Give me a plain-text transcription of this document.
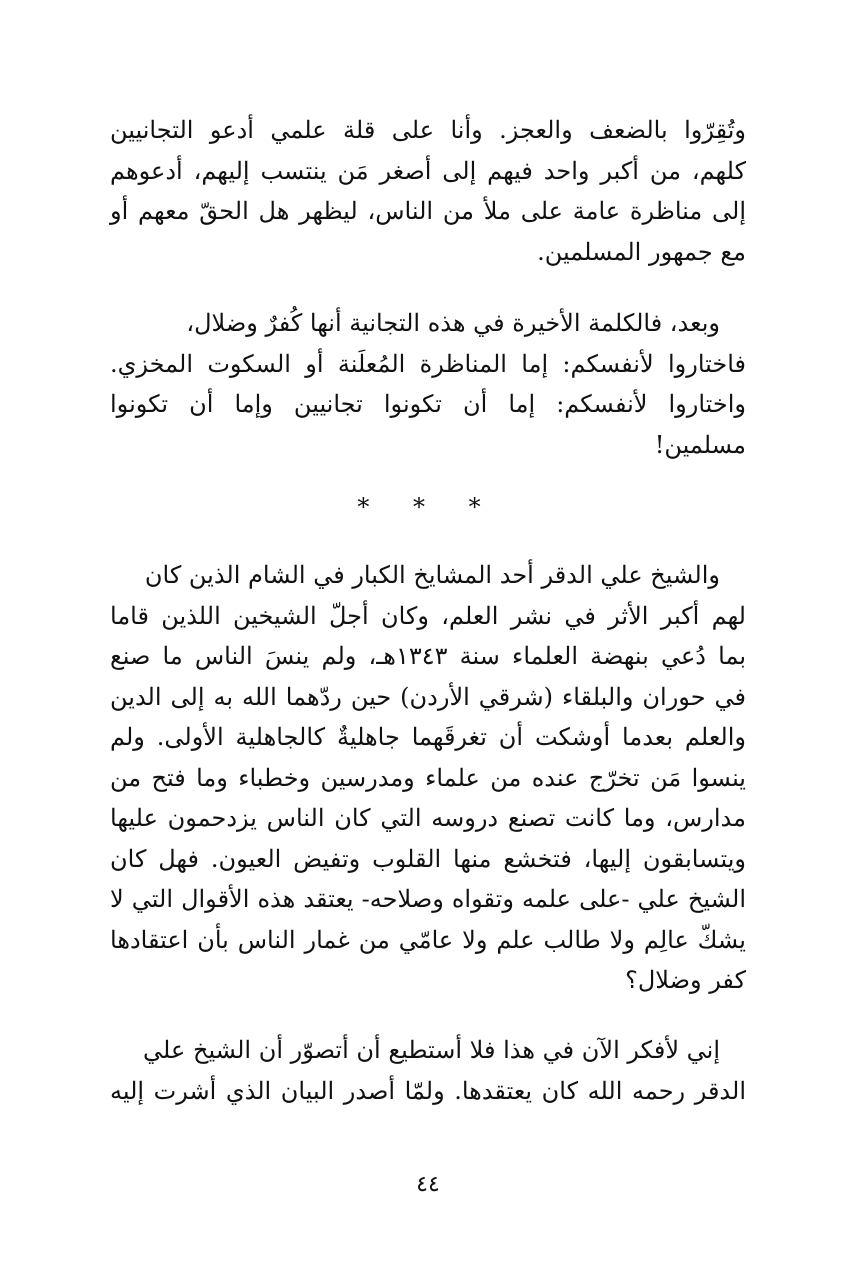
وتُقِرّوا بالضعف والعجز. وأنا على قلة علمي أدعو التجانيين
كلهم، من أكبر واحد فيهم إلى أصغر مَن ينتسب إليهم، أدعوهم
إلى مناظرة عامة على ملأ من الناس، ليظهر هل الحقّ معهم أو
مع جمهور المسلمين.

وبعد، فالكلمة الأخيرة في هذه التجانية أنها كُفرٌ وضلال،
فاختاروا لأنفسكم: إما المناظرة المُعلَنة أو السكوت المخزي.
واختاروا لأنفسكم: إما أن تكونوا تجانيين وإما أن تكونوا
مسلمين!

* * *

والشيخ علي الدقر أحد المشايخ الكبار في الشام الذين كان
لهم أكبر الأثر في نشر العلم، وكان أجلّ الشيخين اللذين قاما
بما دُعي بنهضة العلماء سنة ١٣٤٣هـ، ولم ينسَ الناس ما صنع
في حوران والبلقاء (شرقي الأردن) حين ردّهما الله به إلى الدين
والعلم بعدما أوشكت أن تغرقَهما جاهليةٌ كالجاهلية الأولى. ولم
ينسوا مَن تخرّج عنده من علماء ومدرسين وخطباء وما فتح من
مدارس، وما كانت تصنع دروسه التي كان الناس يزدحمون عليها
ويتسابقون إليها، فتخشع منها القلوب وتفيض العيون. فهل كان
الشيخ علي -على علمه وتقواه وصلاحه- يعتقد هذه الأقوال التي لا
يشكّ عالِم ولا طالب علم ولا عامّي من غمار الناس بأن اعتقادها
كفر وضلال؟

إني لأفكر الآن في هذا فلا أستطيع أن أتصوّر أن الشيخ علي
الدقر رحمه الله كان يعتقدها. ولمّا أصدر البيان الذي أشرت إليه

٤٤
